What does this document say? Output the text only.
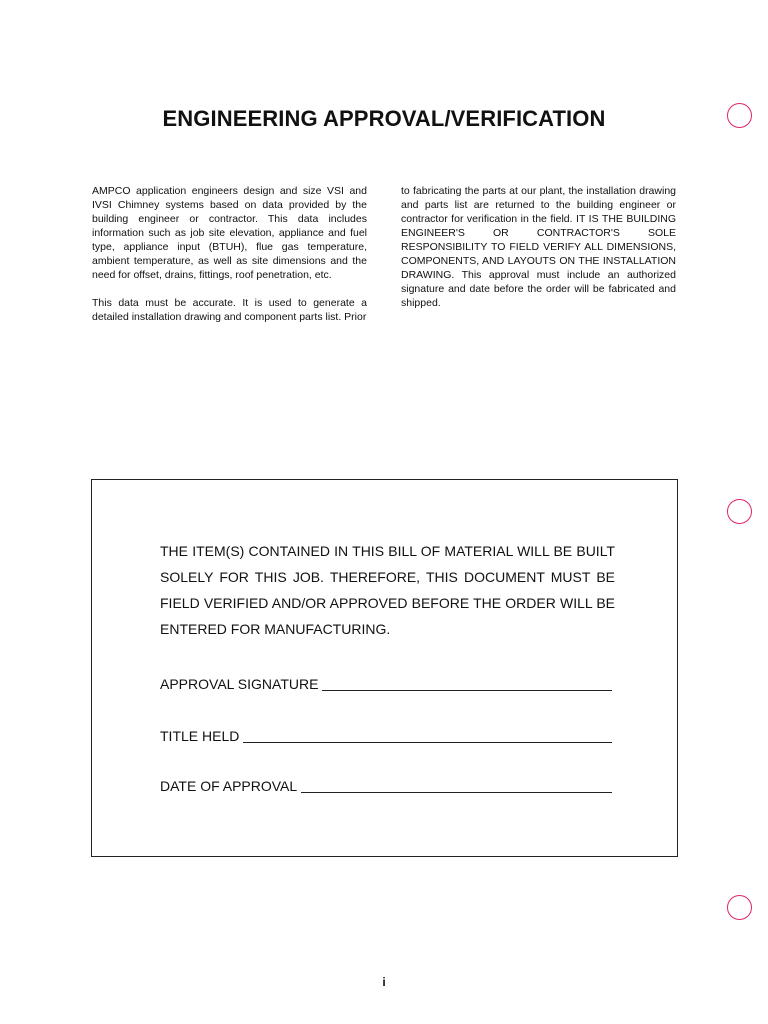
ENGINEERING APPROVAL/VERIFICATION

AMPCO application engineers design and size VSI and IVSI Chimney systems based on data provided by the building engineer or contractor. This data includes information such as job site elevation, appliance and fuel type, appliance input (BTUH), flue gas temperature, ambient temperature, as well as site dimensions and the need for offset, drains, fittings, roof penetration, etc.

This data must be accurate. It is used to generate a detailed installation drawing and component parts list. Prior

to fabricating the parts at our plant, the installation drawing and parts list are returned to the building engineer or contractor for verification in the field. IT IS THE BUILDING ENGINEER'S OR CONTRACTOR'S SOLE RESPONSIBILITY TO FIELD VERIFY ALL DIMENSIONS, COMPONENTS, AND LAYOUTS ON THE INSTALLATION DRAWING. This approval must include an authorized signature and date before the order will be fabricated and shipped.

THE ITEM(S) CONTAINED IN THIS BILL OF MATERIAL WILL BE BUILT SOLELY FOR THIS JOB. THEREFORE, THIS DOCUMENT MUST BE FIELD VERIFIED AND/OR APPROVED BEFORE THE ORDER WILL BE ENTERED FOR MANUFACTURING.

APPROVAL SIGNATURE
TITLE HELD
DATE OF APPROVAL
i
